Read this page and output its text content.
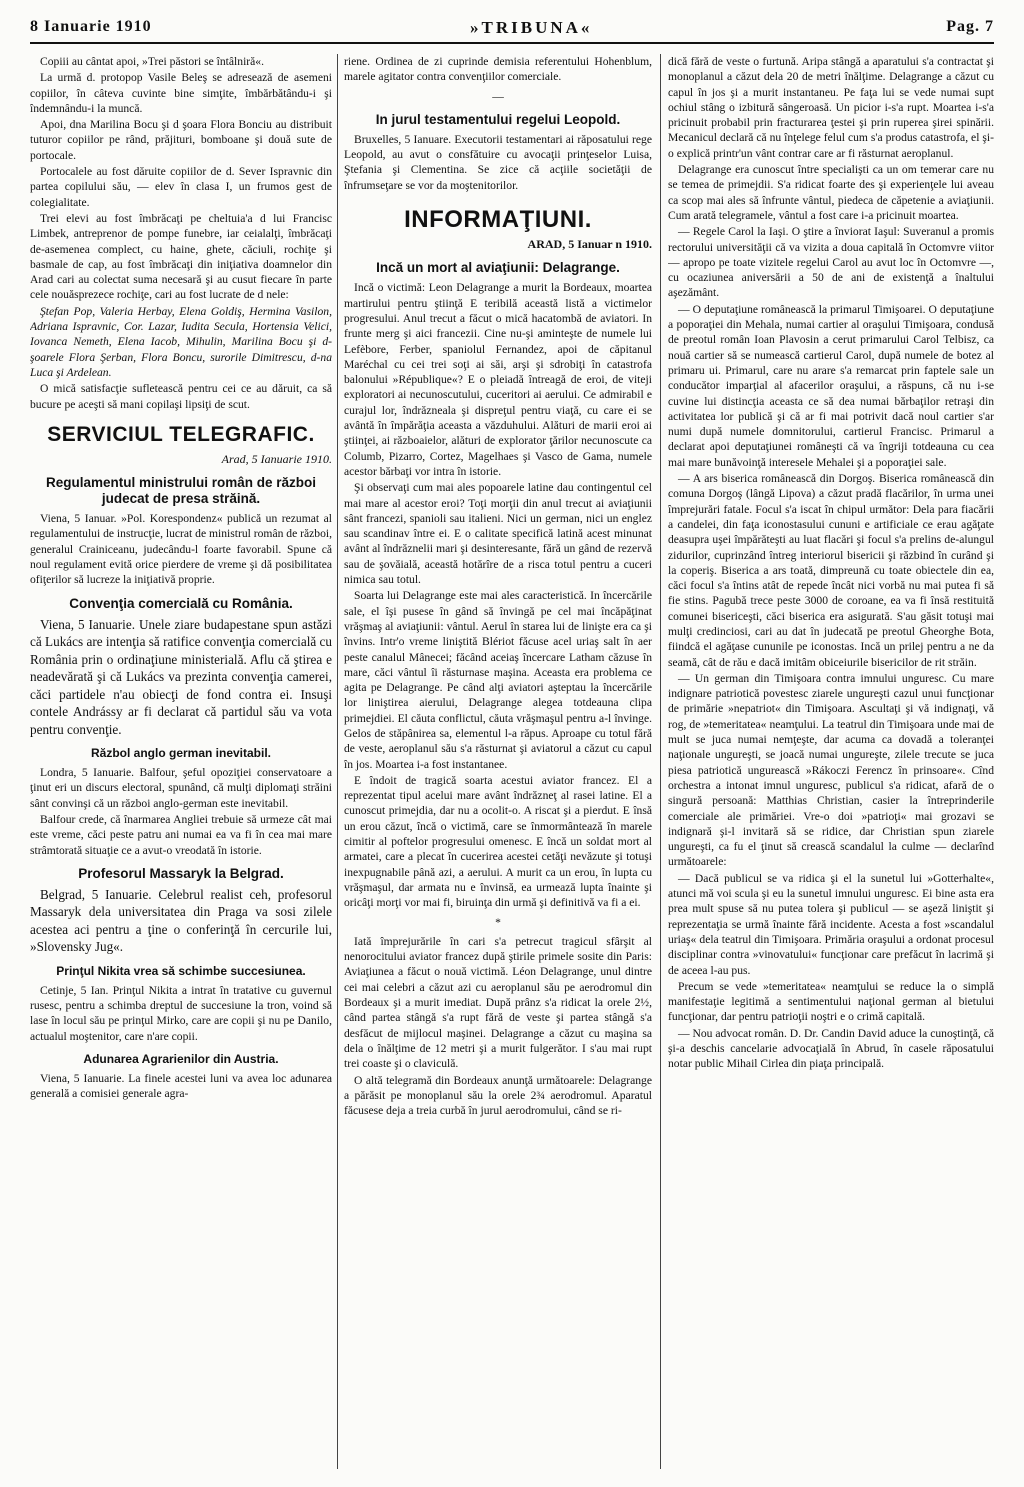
8 Ianuarie 1910	»TRIBUNA«	Pag. 7

Copiii au cântat apoi, »Trei păstori se întâlniră«.

La urmă d. protopop Vasile Beleş se adresează de asemeni copiilor, în câteva cuvinte bine simţite, îmbărbătându-i şi îndemnându-i la muncă.

Apoi, dna Marilina Bocu şi d şoara Flora Bonciu au distribuit tuturor copiilor pe rând, prăjituri, bomboane şi două sute de portocale.

Portocalele au fost dăruite copiilor de d. Sever Ispravnic din partea copilului său, — elev în clasa I, un frumos gest de colegialitate.

Trei elevi au fost îmbrăcaţi pe cheltuia'a d lui Francisc Limbek, antreprenor de pompe funebre, iar ceialalţi, îmbrăcaţi de-asemenea complect, cu haine, ghete, căciuli, rochiţe şi basmale de cap, au fost îmbrăcaţi din iniţiativa doamnelor din Arad cari au colectat suma necesară şi au cusut fiecare în parte cele nouăsprezece rochiţe, cari au fost lucrate de d nele:

Ştefan Pop, Valeria Herbay, Elena Goldiş, Hermina Vasilon, Adriana Ispravnic, Cor. Lazar, Iudita Secula, Hortensia Velici, Iovanca Nemeth, Elena Iacob, Mihulin, Marilina Bocu şi d-şoarele Flora Şerban, Flora Boncu, surorile Dimitrescu, d-na Luca şi Ardelean.

O mică satisfacţie sufletească pentru cei ce au dăruit, ca să bucure pe aceşti să mani copilaşi lipsiţi de scut.

SERVICIUL TELEGRAFIC.
Arad, 5 Ianuarie 1910.
Regulamentul ministrului român de război judecat de presa străină.

Viena, 5 Ianuar. »Pol. Korespondenz« publică un rezumat al regulamentului de instrucţie, lucrat de ministrul român de război, generalul Crainiceanu, judecându-l foarte favorabil. Spune că noul regulament evită orice pierdere de vreme şi dă posibilitatea ofiţerilor să lucreze la iniţiativă proprie.

Convenţia comercială cu România.

Viena, 5 Ianuarie. Unele ziare budapestane spun astăzi că Lukács are intenţia să ratifice convenţia comercială cu România prin o ordinaţiune ministerială. Aflu că ştirea e neadevărată şi că Lukács va prezinta convenţia camerei, căci partidele n'au obiecţi de fond contra ei. Insuşi contele Andrássy ar fi declarat că partidul său va vota pentru convenţie.

Războl anglo german inevitabil.

Londra, 5 Ianuarie. Balfour, şeful opoziţiei conservatoare a ţinut eri un discurs electoral, spunând, că mulţi diplomaţi străini sânt convinşi că un război anglo-german este inevitabil.

Balfour crede, că înarmarea Angliei trebuie să urmeze cât mai este vreme, căci peste patru ani numai ea va fi în cea mai mare strâmtorată situaţie ce a avut-o vreodată în istorie.

Profesorul Massaryk la Belgrad.

Belgrad, 5 Ianuarie. Celebrul realist ceh, profesorul Massaryk dela universitatea din Praga va sosi zilele acestea aci pentru a ţine o conferinţă în cercurile lui, »Slovensky Jug«.

Prinţul Nikita vrea să schimbe succesiunea.

Cetinje, 5 Ian. Prinţul Nikita a intrat în tratative cu guvernul rusesc, pentru a schimba dreptul de succesiune la tron, voind să lase în locul său pe prinţul Mirko, care are copii şi nu pe Danilo, actualul moştenitor, care n'are copii.

Adunarea Agrarienilor din Austria.

Viena, 5 Ianuarie. La finele acestei luni va avea loc adunarea generală a comisiei generale agra-

riene. Ordinea de zi cuprinde demisia referentului Hohenblum, marele agitator contra convenţiilor comerciale.

—
In jurul testamentului regelui Leopold.

Bruxelles, 5 Ianuare. Executorii testamentari ai răposatului rege Leopold, au avut o consfătuire cu avocaţii prinţeselor Luisa, Ştefania şi Clementina. Se zice că acţiile societăţii de înfrumseţare se vor da moştenitorilor.

INFORMAŢIUNI.
ARAD, 5 Ianuar n 1910.
Incă un mort al aviaţiunii: Delagrange.

Incă o victimă: Leon Delagrange a murit la Bordeaux, moartea martirului pentru ştiinţă E teribilă această listă a victimelor progresului. Anul trecut a făcut o mică hacatombă de aviatori. In frunte merg şi aici francezii. Cine nu-şi aminteşte de numele lui Lefèbore, Ferber, spaniolul Fernandez, apoi de căpitanul Maréchal cu cei trei soţi ai săi, arşi şi sdrobiţi în catastrofa balonului »République«? E o pleiadă întreagă de eroi, de viteji exploratori ai necunoscutului, cuceritori ai aerului. Ce admirabil e curajul lor, îndrăzneala şi dispreţul pentru viaţă, cu care ei se avântă în împărăţia aceasta a văzduhului. Alături de marii eroi ai ştiinţei, ai războaielor, alături de explorator ţărilor necunoscute ca Columb, Pizarro, Cortez, Magelhaes şi Vasco de Gama, numele acestor bărbaţi vor intra în istorie.

Şi observaţi cum mai ales popoarele latine dau contingentul cel mai mare al acestor eroi? Toţi morţii din anul trecut ai aviaţiunii sânt francezi, spanioli sau italieni. Nici un german, nici un englez sau scandinav între ei. E o calitate specifică latină acest minunat avânt al îndrăznelii mari şi desinteresante, fără un gând de rezervă sau de şovăială, această hotărîre de a risca totul pentru a cuceri nimica sau totul.

Soarta lui Delagrange este mai ales caracteristică. In încercările sale, el îşi pusese în gând să învingă pe cel mai încăpăţinat vrăşmaş al aviaţiunii: vântul. Aerul în starea lui de linişte era ca şi învins. Intr'o vreme liniştită Blériot făcuse acel uriaş salt în aer peste canalul Mânecei; făcând aceiaş încercare Latham căzuse în mare, căci vântul îi răsturnase maşina. Aceasta era problema ce agita pe Delagrange. Pe când alţi aviatori aşteptau la încercările lor liniştirea aierului, Delagrange alegea totdeauna clipa primejdiei. El căuta conflictul, căuta vrăşmaşul pentru a-l învinge. Gelos de stăpânirea sa, elementul l-a răpus. Aproape cu totul fără de veste, aeroplanul său s'a răsturnat şi aviatorul a căzut cu capul în jos. Moartea i-a fost instantanee.

E îndoit de tragică soarta acestui aviator francez. El a reprezentat tipul acelui mare avânt îndrăzneţ al rasei latine. El a cunoscut primejdia, dar nu a ocolit-o. A riscat şi a pierdut. E însă un erou căzut, încă o victimă, care se înmormântează în marele cimitir al poftelor progresului omenesc. E încă un soldat mort al armatei, care a plecat în cucerirea acestei cetăţi nevăzute şi totuşi inexpugnabile până azi, a aerului. A murit ca un erou, în lupta cu vrăşmaşul, dar armata nu e învinsă, ea urmează lupta înainte şi oricâţi morţi vor mai fi, biruinţa din urmă şi definitivă va fi a ei.

*

Iată împrejurările în cari s'a petrecut tragicul sfârşit al nenorocitului aviator francez după ştirile primele sosite din Paris: Aviaţiunea a făcut o nouă victimă. Léon Delagrange, unul dintre cei mai celebri a căzut azi cu aeroplanul său pe aerodromul din Bordeaux şi a murit imediat. După prânz s'a ridicat la orele 2½, când partea stângă s'a rupt fără de veste şi partea stângă s'a desfăcut de mijlocul maşinei. Delagrange a căzut cu maşina sa dela o înălţime de 12 metri şi a murit fulgerător. I s'au mai rupt trei coaste şi o claviculă.

O altă telegramă din Bordeaux anunţă următoarele: Delagrange a părăsit pe monoplanul său la orele 2¾ aerodromul. Aparatul făcusese deja a treia curbă în jurul aerodromului, când se ri-

dică fără de veste o furtună. Aripa stângă a aparatului s'a contractat şi monoplanul a căzut dela 20 de metri înălţime. Delagrange a căzut cu capul în jos şi a murit instantaneu. Pe faţa lui se vede numai supt ochiul stâng o izbitură sângeroasă. Un picior i-s'a rupt. Moartea i-s'a pricinuit probabil prin fracturarea ţestei şi prin ruperea şirei spinării. Mecanicul declară că nu înţelege felul cum s'a produs catastrofa, el şi-o explică printr'un vânt contrar care ar fi răsturnat aeroplanul.

Delagrange era cunoscut între specialişti ca un om temerar care nu se temea de primejdii. S'a ridicat foarte des şi experienţele lui aveau ca scop mai ales să înfrunte vântul, piedeca de căpetenie a aviaţiunii. Cum arată telegramele, vântul a fost care i-a pricinuit moartea.

— Regele Carol la Iaşi. O ştire a înviorat Iaşul: Suveranul a promis rectorului universităţii că va vizita a doua capitală în Octomvre viitor — apropo pe toate vizitele regelui Carol au avut loc în Octomvre —, cu ocaziunea aniversării a 50 de ani de existenţă a înaltului aşezământ.

— O deputaţiune românească la primarul Timişoarei. O deputaţiune a poporaţiei din Mehala, numai cartier al oraşului Timişoara, condusă de preotul român Ioan Plavosin a cerut primarului Carol Telbisz, ca nouă cartier să se numească cartierul Carol, după numele de botez al primaru ui. Primarul, care nu arare s'a remarcat prin faptele sale un conducător imparţial al afacerilor oraşului, a răspuns, că nu i-se cuvine lui distincţia aceasta ce să dea numai bărbaţilor retraşi din activitatea lor publică şi că ar fi mai potrivit dacă noul cartier s'ar numi după numele domnitorului, cartierul Francisc. Primarul a declarat apoi deputaţiunei româneşti că va îngriji totdeauna cu cea mai mare bunăvoinţă interesele Mehalei şi a poporaţiei sale.

— A ars biserica românească din Dorgoş. Biserica românească din comuna Dorgoş (lângă Lipova) a căzut pradă flacărilor, în urma unei împrejurări fatale. Focul s'a iscat în chipul următor: Dela para fiacării a candelei, din faţa iconostasului cununi e artificiale ce erau agăţate deasupra uşei împărăteşti au luat flacări şi focul s'a prelins de-alungul zidurilor, cuprinzând întreg interiorul bisericii şi răzbind în curând şi la coperiş. Biserica a ars toată, dimpreună cu toate obiectele din ea, căci focul s'a întins atât de repede încât nici vorbă nu mai putea fi să fie stins. Pagubă trece peste 3000 de coroane, ea va fi însă restituită comunei bisericeşti, căci biserica era asigurată. S'au găsit totuşi mai mulţi credinciosi, cari au dat în judecată pe preotul Gheorghe Bota, fiindcă el agăţase cununile pe iconostas. Incă un prilej pentru a ne da seamă, cât de rău e dacă imitâm obiceiurile bisericilor de rit străin.

— Un german din Timişoara contra imnului unguresc. Cu mare indignare patriotică povestesc ziarele ungureşti cazul unui funcţionar de primărie »nepatriot« din Timişoara. Ascultaţi şi vă indignaţi, vă rog, de »temeritatea« neamţului. La teatrul din Timişoara unde mai de mult se juca numai nemţeşte, dar acuma ca dovadă a toleranţei naţionale ungureşti, se joacă numai ungureşte, zilele trecute se juca piesa patriotică ungurească »Rákoczi Ferencz în prinsoare«. Cînd orchestra a intonat imnul unguresc, publicul s'a ridicat, afară de o singură persoană: Matthias Christian, casier la întreprinderile comerciale ale primăriei. Vre-o doi »patrioţi« mai grozavi se indignară şi-l invitară să se ridice, dar Christian spun ziarele ungureşti, ca fu el ţinut să crească scandalul la culme — declarînd următoarele:

— Dacă publicul se va ridica şi el la sunetul lui »Gotterhalte«, atunci mă voi scula şi eu la sunetul imnului unguresc. Ei bine asta era prea mult spuse să nu putea tolera şi publicul — se aşeză liniştit şi reprezentaţia se urmă înainte fără incidente. Acesta a fost »scandalul uriaş« dela teatrul din Timişoara. Primăria oraşului a ordonat procesul disciplinar contra »vinovatului« funcţionar care prefăcut în lacrimă şi de aceea l-au pus.

Precum se vede »temeritatea« neamţului se reduce la o simplă manifestaţie legitimă a sentimentului naţional german al bietului funcţionar, dar pentru patrioţii noştri e o crimă capitală.

— Nou advocat român. D. Dr. Candin David aduce la cunoştinţă, că şi-a deschis cancelarie advocaţială în Abrud, în casele răposatului notar public Mihail Cirlea din piaţa principală.
